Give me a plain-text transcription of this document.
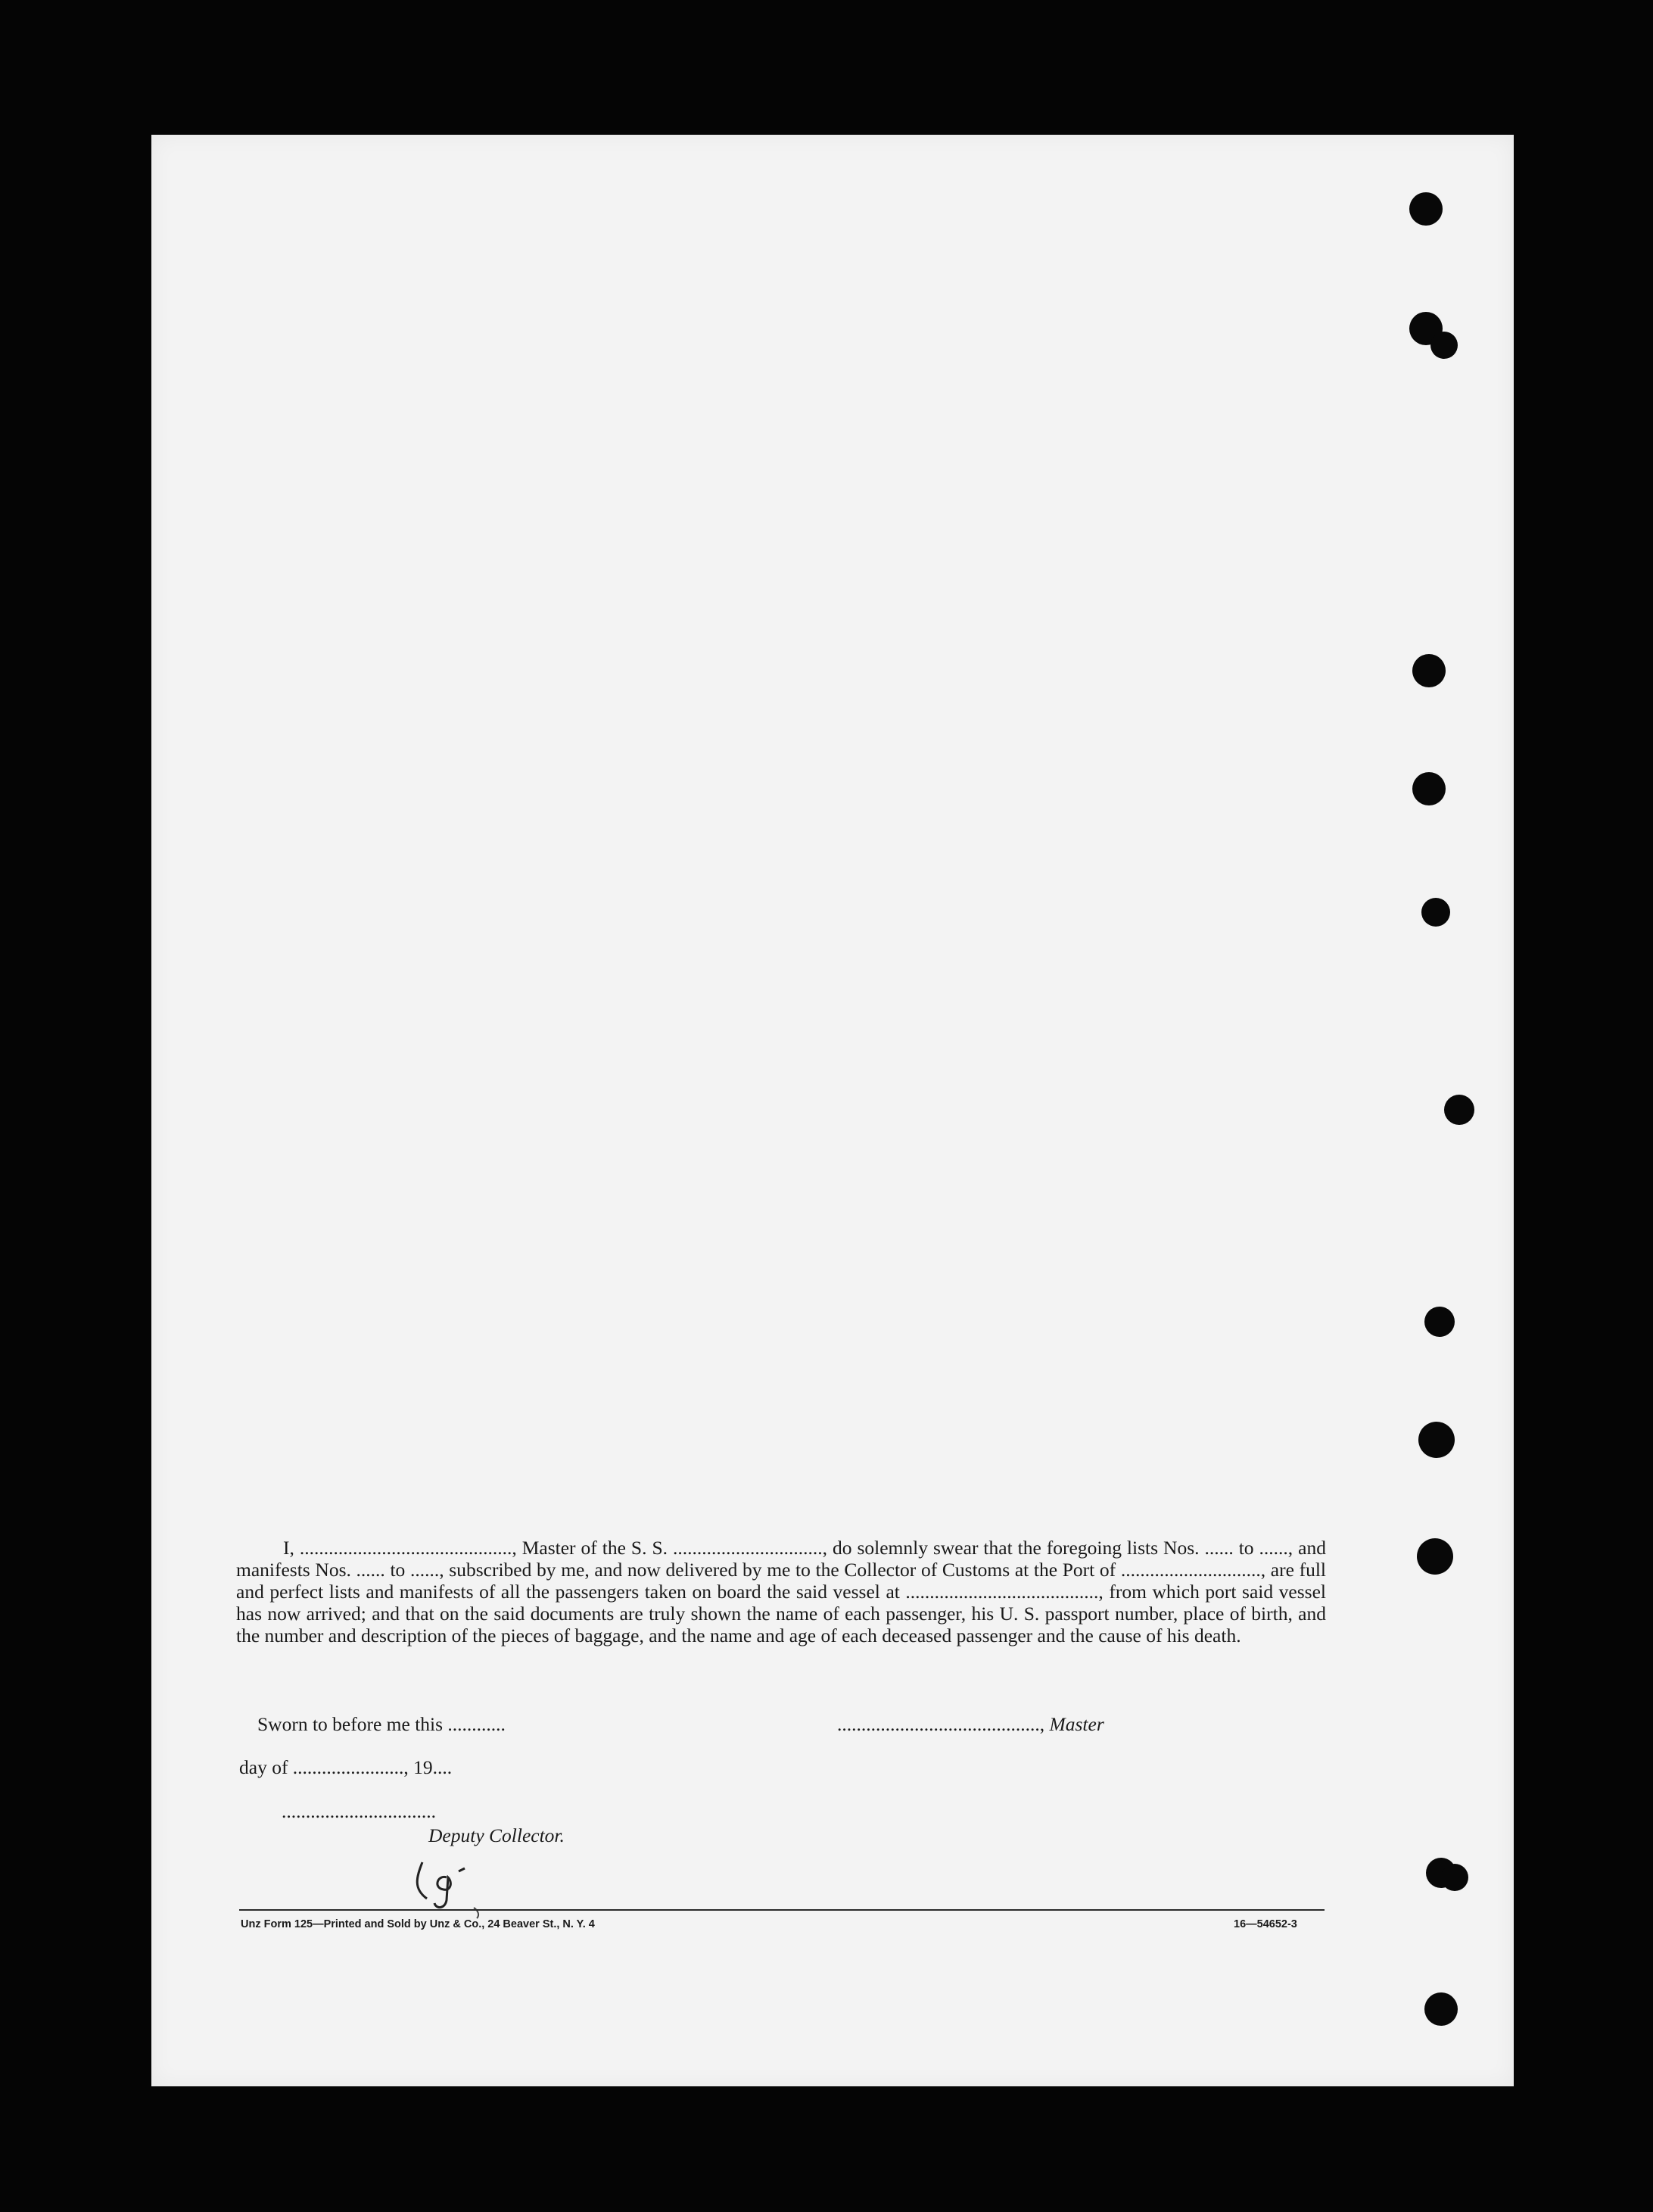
I, ............................................, Master of the S. S. ..............................., do solemnly swear that the foregoing lists Nos. ...... to ......, and manifests Nos. ...... to ......, subscribed by me, and now delivered by me to the Collector of Customs at the Port of ............................., are full and perfect lists and manifests of all the passengers taken on board the said vessel at ........................................, from which port said vessel has now arrived; and that on the said documents are truly shown the name of each passenger, his U. S. passport number, place of birth, and the number and description of the pieces of baggage, and the name and age of each deceased passenger and the cause of his death.

Sworn to before me this ............	.........................................., Master
day of ......................., 19....
................................
Deputy Collector.
Unz Form 125—Printed and Sold by Unz & Co., 24 Beaver St., N. Y. 4	16—54652-3
